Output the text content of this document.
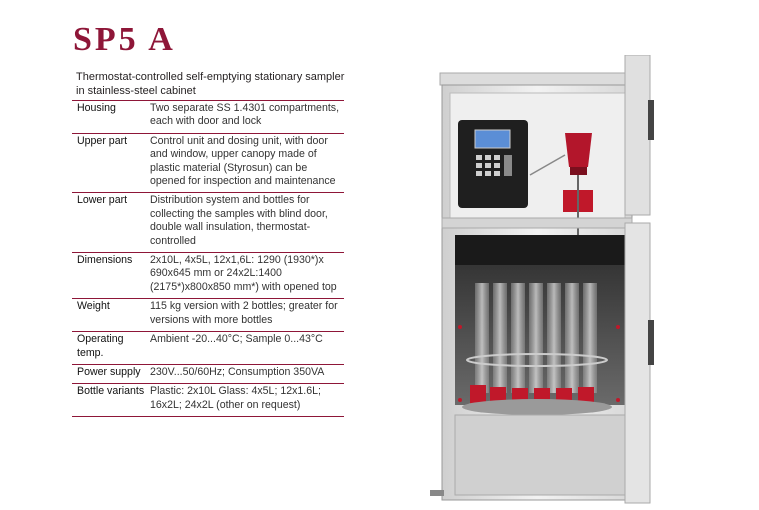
SP5 A
Thermostat-controlled self-emptying stationary sampler in stainless-steel cabinet
Housing	Two separate SS 1.4301 compartments, each with door and lock
Upper part	Control unit and dosing unit, with door and window, upper canopy made of plastic material (Styrosun) can be opened for inspection and maintenance
Lower part	Distribution system and bottles for collecting the samples with blind door, double wall insulation, thermostat-controlled
Dimensions	2x10L, 4x5L, 12x1,6L: 1290 (1930*)x 690x645 mm or 24x2L:1400 (2175*)x800x850 mm*) with opened top
Weight	115 kg version with 2 bottles; greater for versions with more bottles
Operating temp.	Ambient -20...40°C; Sample 0...43°C
Power supply	230V...50/60Hz; Consumption 350VA
Bottle variants	Plastic: 2x10L Glass: 4x5L; 12x1.6L; 16x2L; 24x2L (other on request)
